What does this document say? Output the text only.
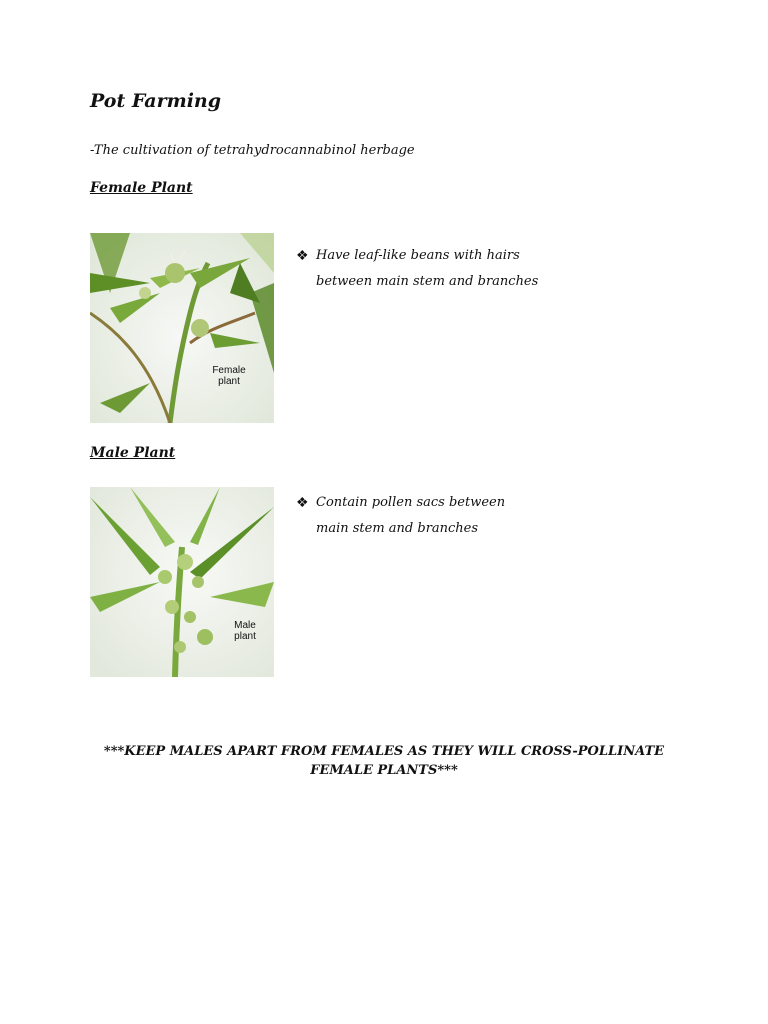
Pot Farming

-The cultivation of tetrahydrocannabinol herbage

Female Plant
Female
plant
❖ Have leaf-like beans with hairs
between main stem and branches
Male Plant
Male
plant
❖ Contain pollen sacs between
main stem and branches
***KEEP MALES APART FROM FEMALES AS THEY WILL CROSS-POLLINATE
FEMALE PLANTS***
